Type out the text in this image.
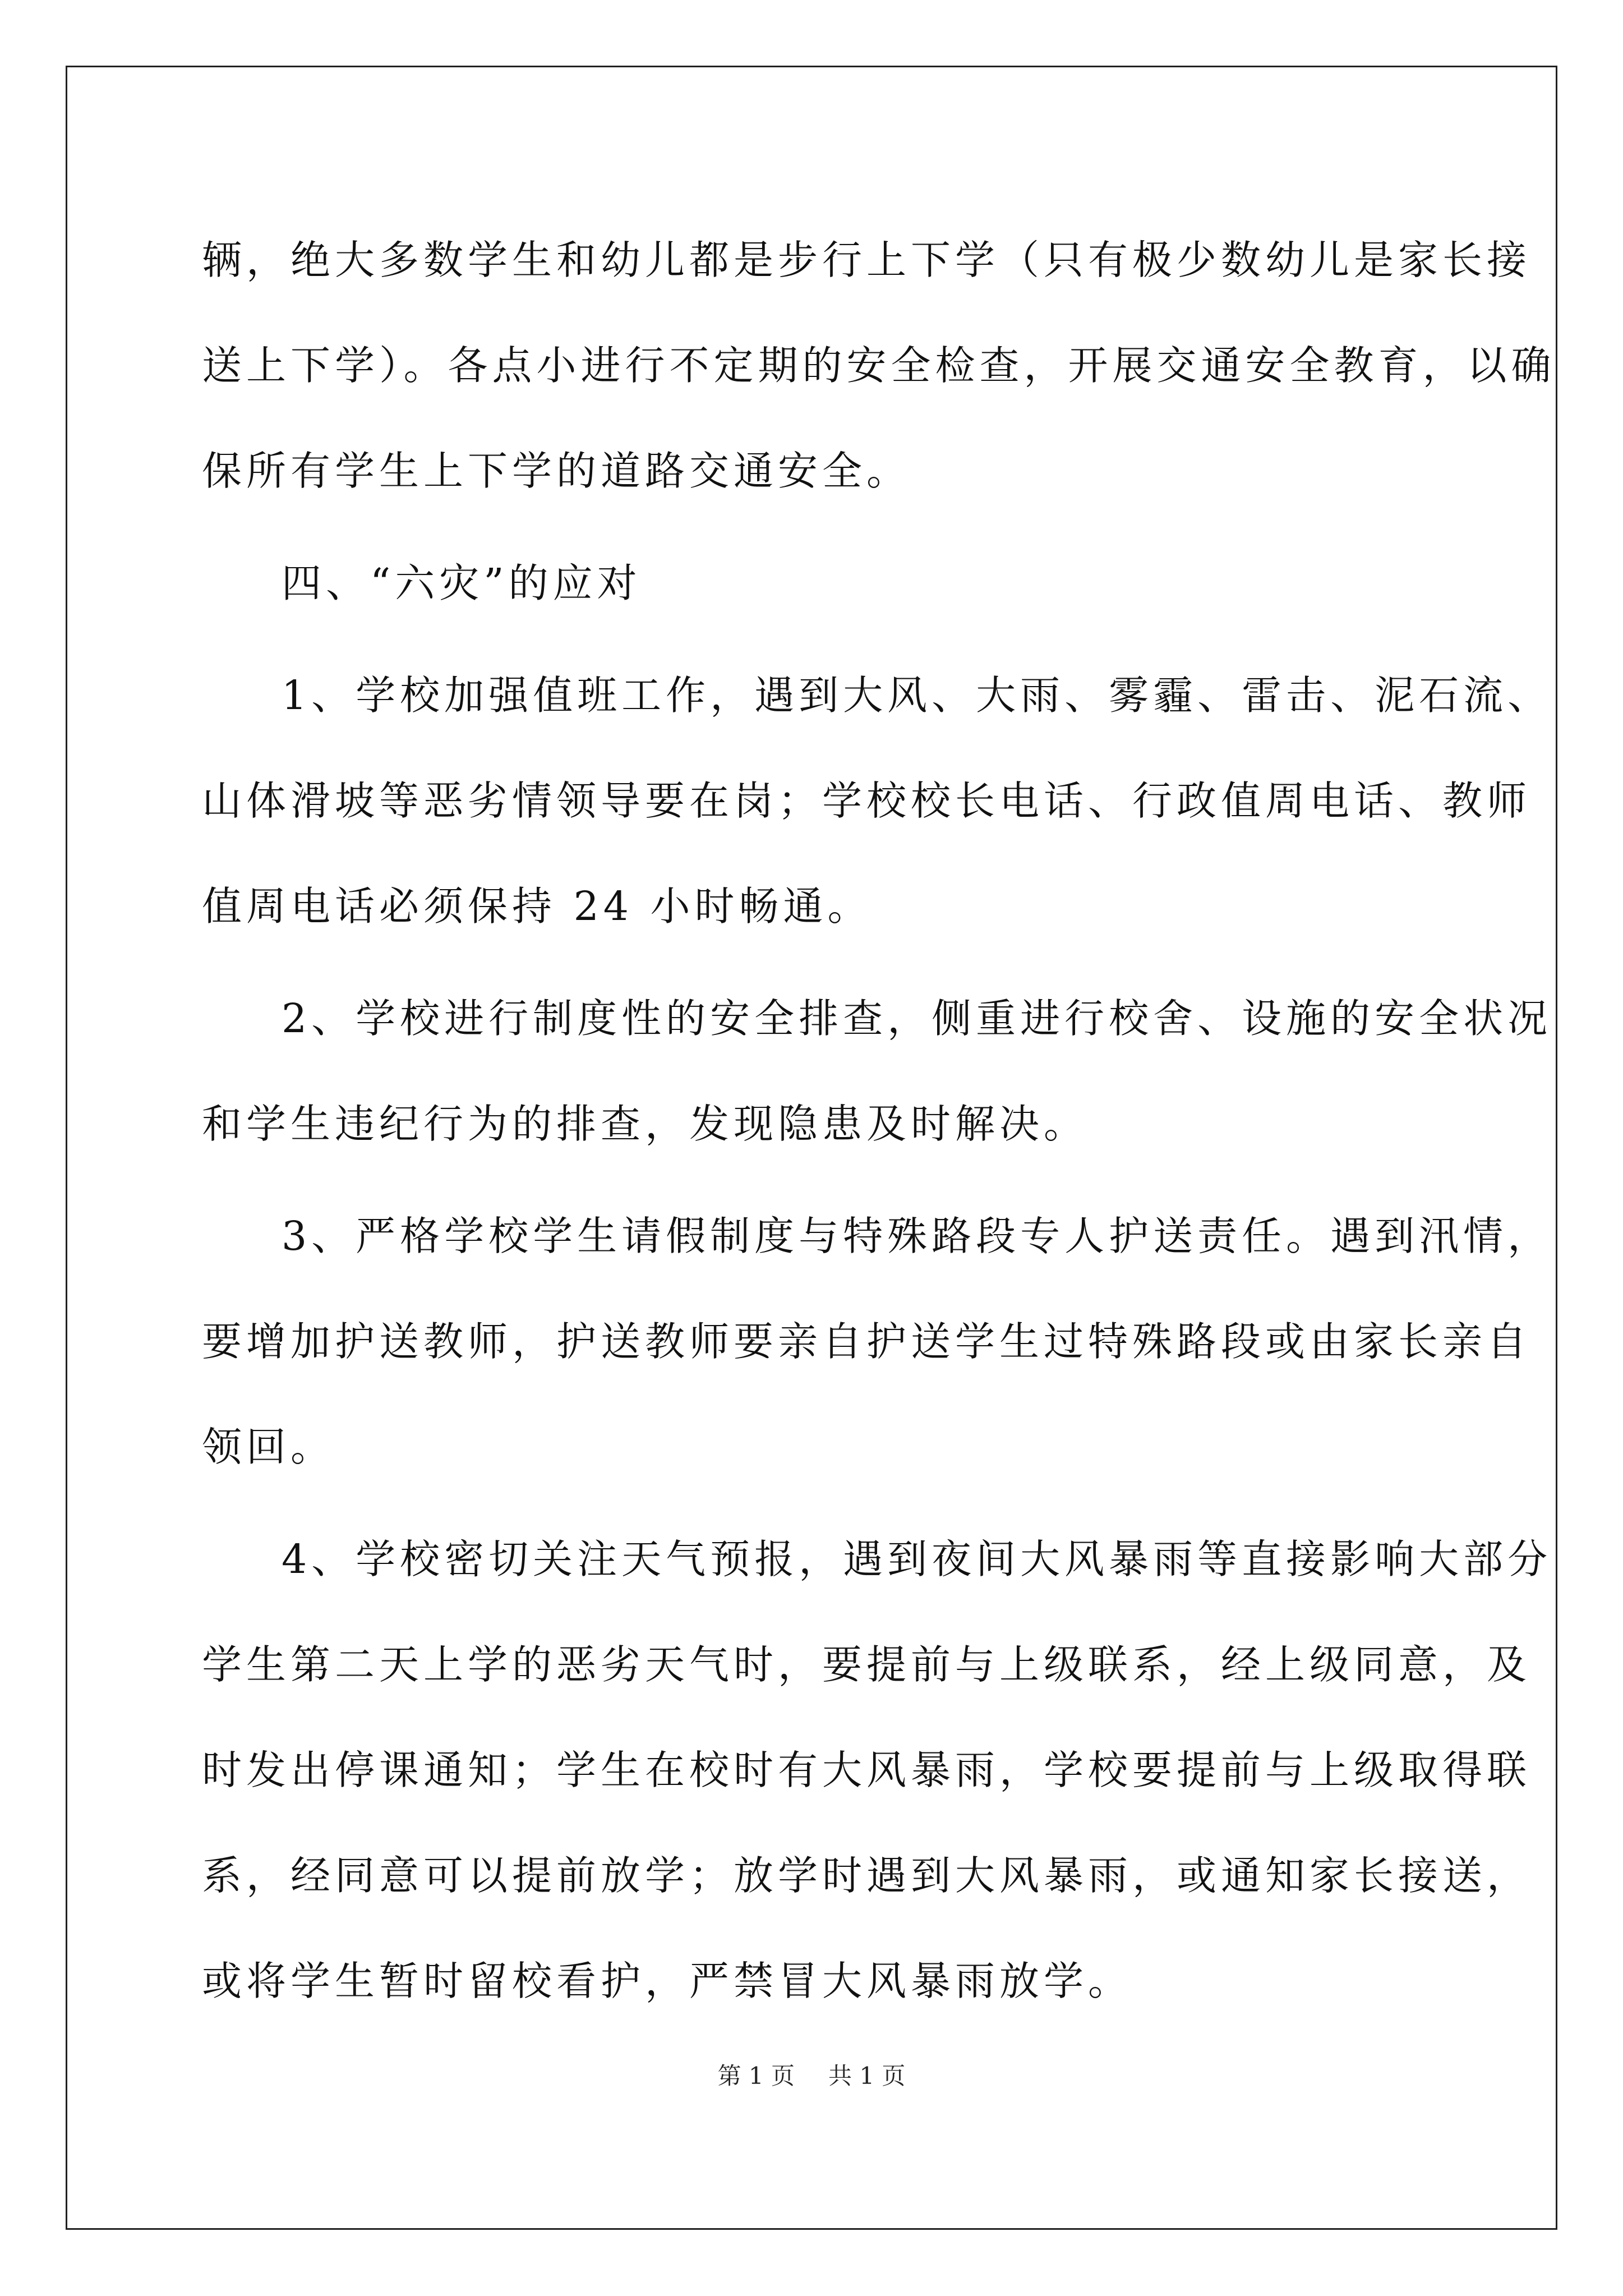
辆，绝大多数学生和幼儿都是步行上下学（只有极少数幼儿是家长接
送上下学）。各点小进行不定期的安全检查，开展交通安全教育，以确
保所有学生上下学的道路交通安全。
四、“六灾”的应对
1、学校加强值班工作，遇到大风、大雨、雾霾、雷击、泥石流、
山体滑坡等恶劣情领导要在岗；学校校长电话、行政值周电话、教师
值周电话必须保持 24 小时畅通。
2、学校进行制度性的安全排查，侧重进行校舍、设施的安全状况
和学生违纪行为的排查，发现隐患及时解决。
3、严格学校学生请假制度与特殊路段专人护送责任。遇到汛情，
要增加护送教师，护送教师要亲自护送学生过特殊路段或由家长亲自
领回。
4、学校密切关注天气预报，遇到夜间大风暴雨等直接影响大部分
学生第二天上学的恶劣天气时，要提前与上级联系，经上级同意，及
时发出停课通知；学生在校时有大风暴雨，学校要提前与上级取得联
系，经同意可以提前放学；放学时遇到大风暴雨，或通知家长接送，
或将学生暂时留校看护，严禁冒大风暴雨放学。
第 1 页 共 1 页
